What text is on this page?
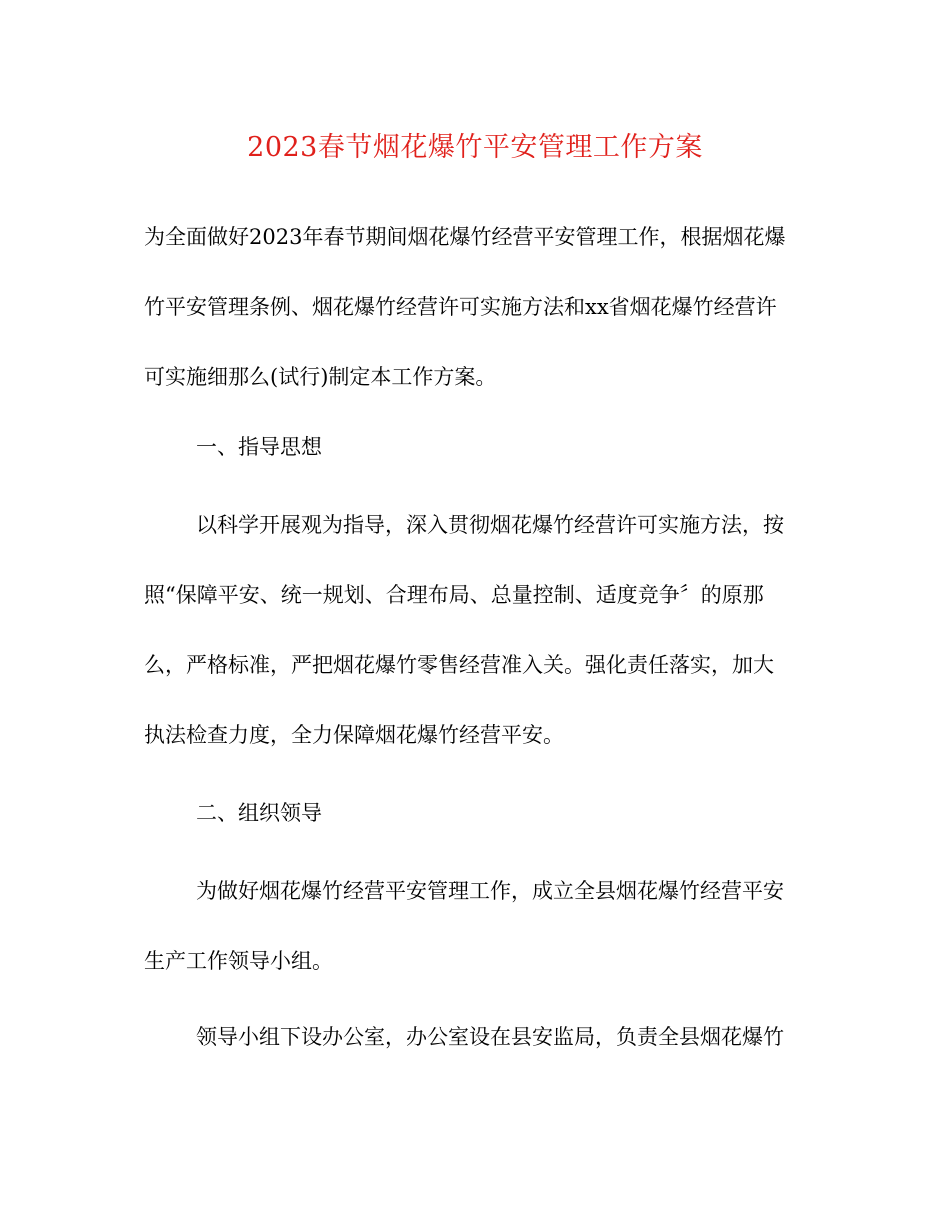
2023春节烟花爆竹平安管理工作方案

为全面做好2023年春节期间烟花爆竹经营平安管理工作，根据烟花爆

竹平安管理条例、烟花爆竹经营许可实施方法和xx省烟花爆竹经营许

可实施细那么(试行)制定本工作方案。

一、指导思想

以科学开展观为指导，深入贯彻烟花爆竹经营许可实施方法，按

照“保障平安、统一规划、合理布局、总量控制、适度竞争〞的原那

么，严格标准，严把烟花爆竹零售经营准入关。强化责任落实，加大

执法检查力度，全力保障烟花爆竹经营平安。

二、组织领导

为做好烟花爆竹经营平安管理工作，成立全县烟花爆竹经营平安

生产工作领导小组。

领导小组下设办公室，办公室设在县安监局，负责全县烟花爆竹
